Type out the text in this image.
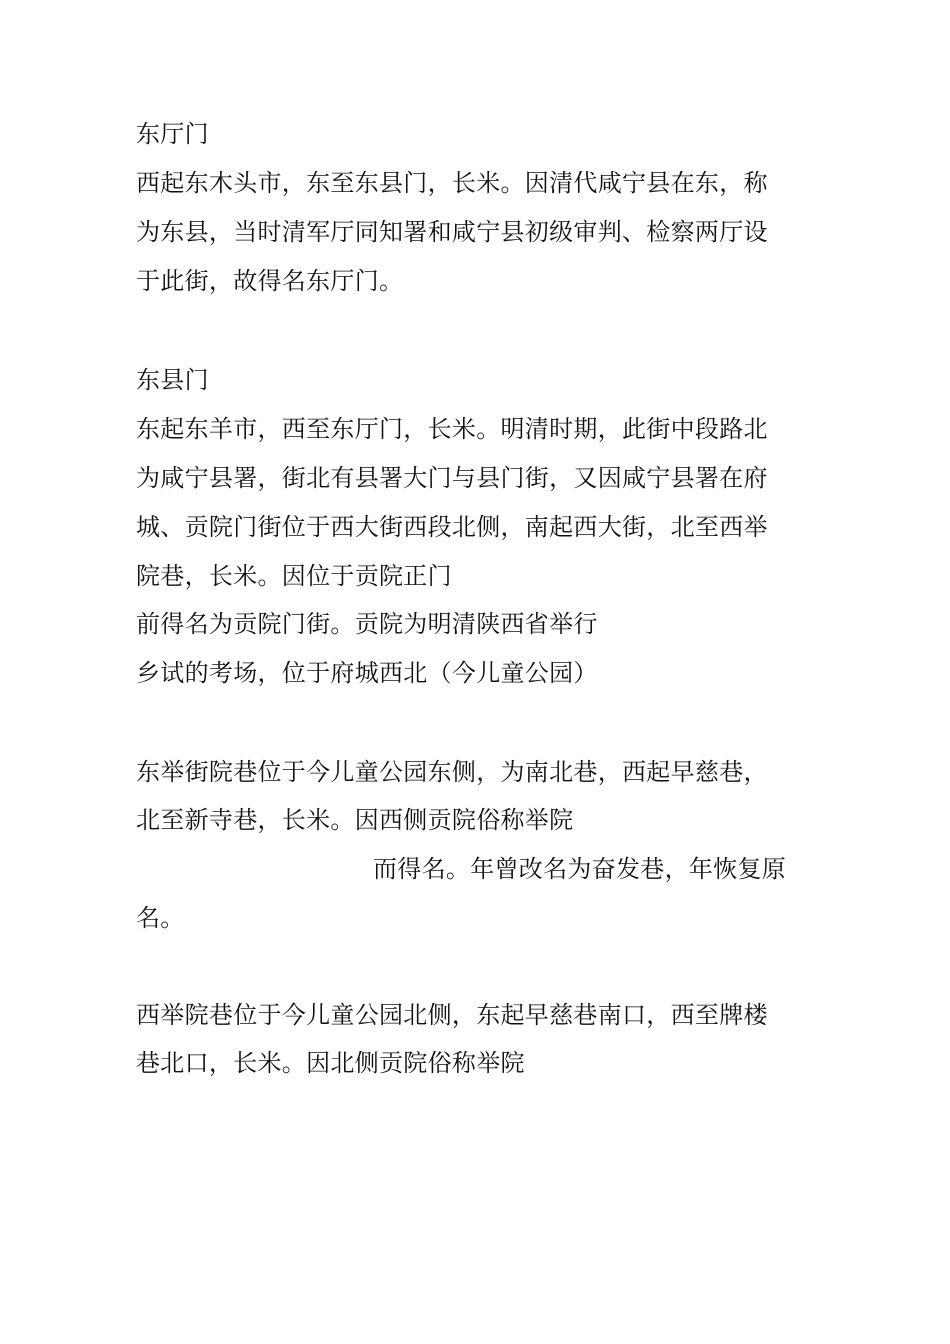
东厅门
西起东木头市，东至东县门，长米。因清代咸宁县在东，称
为东县，当时清军厅同知署和咸宁县初级审判、检察两厅设
于此街，故得名东厅门。
东县门
东起东羊市，西至东厅门，长米。明清时期，此街中段路北
为咸宁县署，街北有县署大门与县门街，又因咸宁县署在府
城、贡院门街位于西大街西段北侧，南起西大街，北至西举
院巷，长米。因位于贡院正门
前得名为贡院门街。贡院为明清陕西省举行
乡试的考场，位于府城西北（今儿童公园）
东举街院巷位于今儿童公园东侧，为南北巷，西起早慈巷，
北至新寺巷，长米。因西侧贡院俗称举院
而得名。年曾改名为奋发巷，年恢复原
名。
西举院巷位于今儿童公园北侧，东起早慈巷南口，西至牌楼
巷北口，长米。因北侧贡院俗称举院
